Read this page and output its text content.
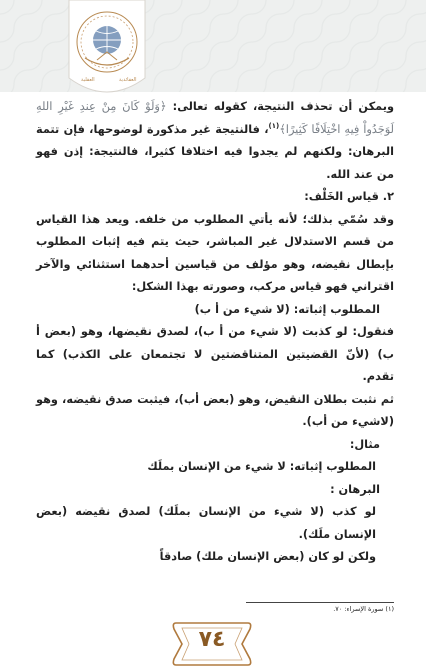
العقلية	العقائدية

ويمكن أن تحذف النتيجة، كقوله تعالى: ﴿وَلَوْ كَانَ مِنْ عِندِ غَيْرِ اللهِ لَوَجَدُواْ فِيهِ اخْتِلَافًا كَثِيرًا﴾$^{(١)}$، فالنتيجة غير مذكورة لوضوحها، فإن تتمة البرهان: ولكنهم لم يجدوا فيه اختلافا كثيرا، فالنتيجة: إذن فهو من عند الله.

٢. قياس الخَلْف:

وقد سُمّي بذلك؛ لأنه يأتي المطلوب من خلفه. ويعد هذا القياس من قسم الاستدلال غير المباشر، حيث يتم فيه إثبات المطلوب بإبطال نقيضه، وهو مؤلف من قياسين أحدهما استثنائي والآخر اقتراني فهو قياس مركب، وصورته بهذا الشكل:

المطلوب إثباته: (لا شيء من أ ب)

فنقول: لو كذبت (لا شيء من أ ب)، لصدق نقيضها، وهو (بعض أ ب) (لأنّ القضيتين المتناقضتين لا تجتمعان على الكذب) كما تقدم.

ثم نثبت بطلان النقيض، وهو (بعض أب)، فيثبت صدق نقيضه، وهو (لاشيء من أب).

مثال:

المطلوب إثباته: لا شيء من الإنسان بملَك

البرهان :

لو كذب (لا شيء من الإنسان بملَك) لصدق نقيضه (بعض الإنسان ملَك).

ولكن لو كان (بعض الإنسان ملك) صادقاً

(١) سورة الإسراء: ٧٠.
٧٤
